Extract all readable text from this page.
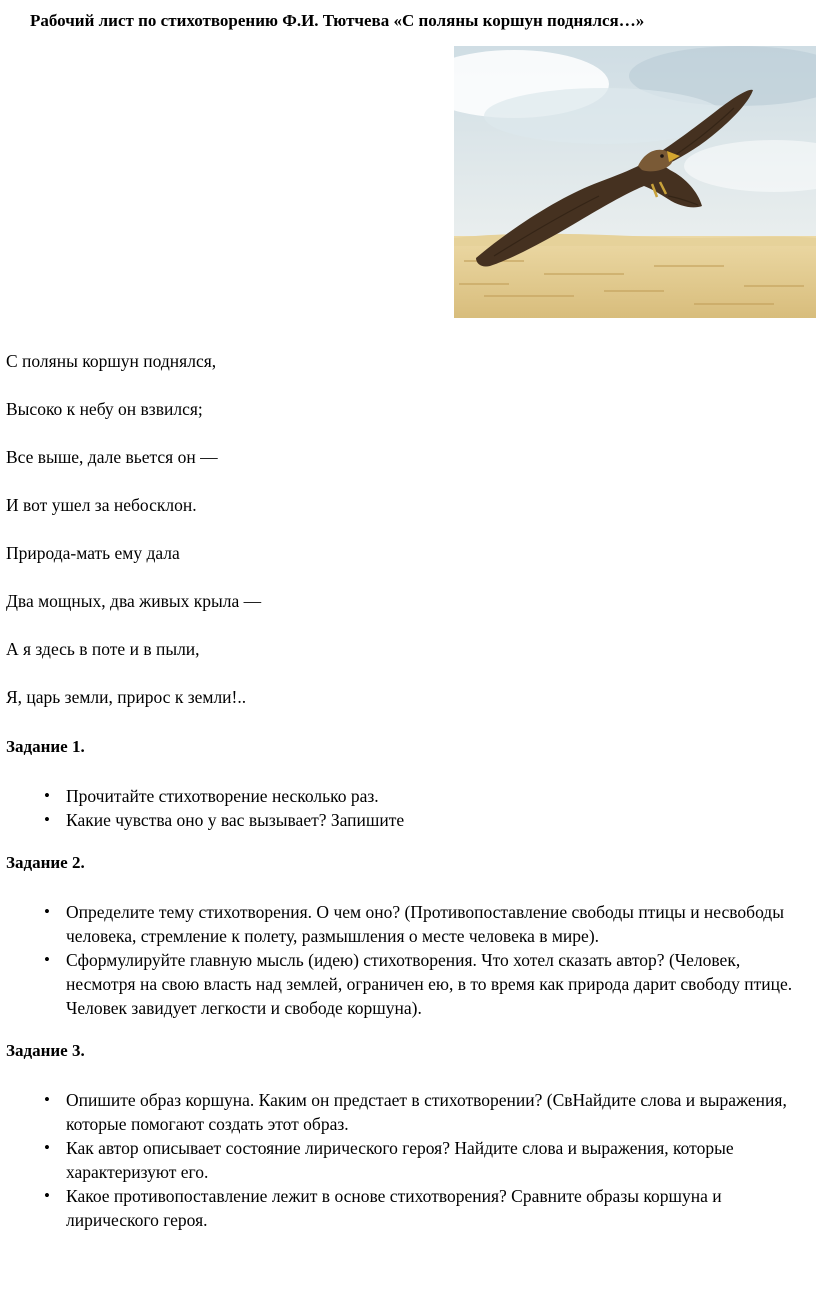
Рабочий лист по стихотворению Ф.И. Тютчева «С поляны коршун поднялся…»

С поляны коршун поднялся,

Высоко к небу он взвился;

Все выше, дале вьется он —

И вот ушел за небосклон.

Природа-мать ему дала

Два мощных, два живых крыла —

А я здесь в поте и в пыли,

Я, царь земли, прирос к земли!..

Задание 1.
• Прочитайте стихотворение несколько раз.
• Какие чувства оно у вас вызывает? Запишите
Задание 2.
• Определите тему стихотворения. О чем оно? (Противопоставление свободы птицы и несвободы человека, стремление к полету, размышления о месте человека в мире).
• Сформулируйте главную мысль (идею) стихотворения. Что хотел сказать автор? (Человек, несмотря на свою власть над землей, ограничен ею, в то время как природа дарит свободу птице. Человек завидует легкости и свободе коршуна).
Задание 3.
• Опишите образ коршуна. Каким он предстает в стихотворении? (СвНайдите слова и выражения, которые помогают создать этот образ.
• Как автор описывает состояние лирического героя? Найдите слова и выражения, которые характеризуют его.
• Какое противопоставление лежит в основе стихотворения? Сравните образы коршуна и лирического героя.
